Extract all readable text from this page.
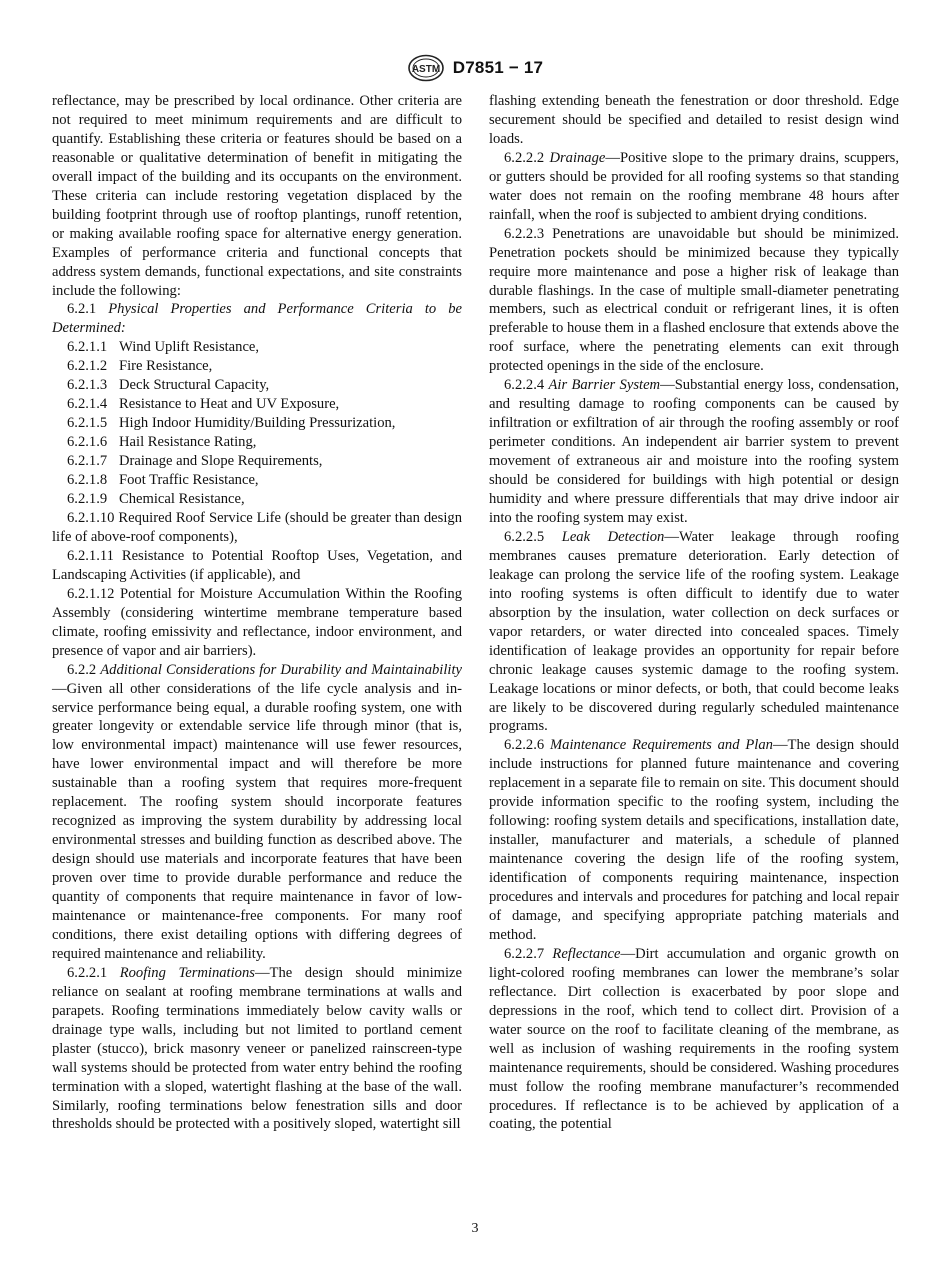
ASTM D7851 − 17

reflectance, may be prescribed by local ordinance. Other criteria are not required to meet minimum requirements and are difficult to quantify. Establishing these criteria or features should be based on a reasonable or qualitative determination of benefit in mitigating the overall impact of the building and its occupants on the environment. These criteria can include restoring vegetation displaced by the building footprint through use of rooftop plantings, runoff retention, or making available roofing space for alternative energy generation. Examples of performance criteria and functional concepts that address system demands, functional expectations, and site constraints include the following:

6.2.1 Physical Properties and Performance Criteria to be Determined:

6.2.1.1 Wind Uplift Resistance,

6.2.1.2 Fire Resistance,

6.2.1.3 Deck Structural Capacity,

6.2.1.4 Resistance to Heat and UV Exposure,

6.2.1.5 High Indoor Humidity/Building Pressurization,

6.2.1.6 Hail Resistance Rating,

6.2.1.7 Drainage and Slope Requirements,

6.2.1.8 Foot Traffic Resistance,

6.2.1.9 Chemical Resistance,

6.2.1.10 Required Roof Service Life (should be greater than design life of above-roof components),

6.2.1.11 Resistance to Potential Rooftop Uses, Vegetation, and Landscaping Activities (if applicable), and

6.2.1.12 Potential for Moisture Accumulation Within the Roofing Assembly (considering wintertime membrane temperature based climate, roofing emissivity and reflectance, indoor environment, and presence of vapor and air barriers).

6.2.2 Additional Considerations for Durability and Maintainability—Given all other considerations of the life cycle analysis and in-service performance being equal, a durable roofing system, one with greater longevity or extendable service life through minor (that is, low environmental impact) maintenance will use fewer resources, have lower environmental impact and will therefore be more sustainable than a roofing system that requires more-frequent replacement. The roofing system should incorporate features recognized as improving the system durability by addressing local environmental stresses and building function as described above. The design should use materials and incorporate features that have been proven over time to provide durable performance and reduce the quantity of components that require maintenance in favor of low-maintenance or maintenance-free components. For many roof conditions, there exist detailing options with differing degrees of required maintenance and reliability.

6.2.2.1 Roofing Terminations—The design should minimize reliance on sealant at roofing membrane terminations at walls and parapets. Roofing terminations immediately below cavity walls or drainage type walls, including but not limited to portland cement plaster (stucco), brick masonry veneer or panelized rainscreen-type wall systems should be protected from water entry behind the roofing termination with a sloped, watertight flashing at the base of the wall. Similarly, roofing terminations below fenestration sills and door thresholds should be protected with a positively sloped, watertight sill

flashing extending beneath the fenestration or door threshold. Edge securement should be specified and detailed to resist design wind loads.

6.2.2.2 Drainage—Positive slope to the primary drains, scuppers, or gutters should be provided for all roofing systems so that standing water does not remain on the roofing membrane 48 hours after rainfall, when the roof is subjected to ambient drying conditions.

6.2.2.3 Penetrations are unavoidable but should be minimized. Penetration pockets should be minimized because they typically require more maintenance and pose a higher risk of leakage than durable flashings. In the case of multiple small-diameter penetrating members, such as electrical conduit or refrigerant lines, it is often preferable to house them in a flashed enclosure that extends above the roof surface, where the penetrating elements can exit through protected openings in the side of the enclosure.

6.2.2.4 Air Barrier System—Substantial energy loss, condensation, and resulting damage to roofing components can be caused by infiltration or exfiltration of air through the roofing assembly or roof perimeter conditions. An independent air barrier system to prevent movement of extraneous air and moisture into the roofing system should be considered for buildings with high potential or design humidity and where pressure differentials that may drive indoor air into the roofing system may exist.

6.2.2.5 Leak Detection—Water leakage through roofing membranes causes premature deterioration. Early detection of leakage can prolong the service life of the roofing system. Leakage into roofing systems is often difficult to identify due to water absorption by the insulation, water collection on deck surfaces or vapor retarders, or water directed into concealed spaces. Timely identification of leakage provides an opportunity for repair before chronic leakage causes systemic damage to the roofing system. Leakage locations or minor defects, or both, that could become leaks are likely to be discovered during regularly scheduled maintenance programs.

6.2.2.6 Maintenance Requirements and Plan—The design should include instructions for planned future maintenance and covering replacement in a separate file to remain on site. This document should provide information specific to the roofing system, including the following: roofing system details and specifications, installation date, installer, manufacturer and materials, a schedule of planned maintenance covering the design life of the roofing system, identification of components requiring maintenance, inspection procedures and intervals and procedures for patching and local repair of damage, and specifying appropriate patching materials and method.

6.2.2.7 Reflectance—Dirt accumulation and organic growth on light-colored roofing membranes can lower the membrane’s solar reflectance. Dirt collection is exacerbated by poor slope and depressions in the roof, which tend to collect dirt. Provision of a water source on the roof to facilitate cleaning of the membrane, as well as inclusion of washing requirements in the roofing system maintenance requirements, should be considered. Washing procedures must follow the roofing membrane manufacturer’s recommended procedures. If reflectance is to be achieved by application of a coating, the potential

3
